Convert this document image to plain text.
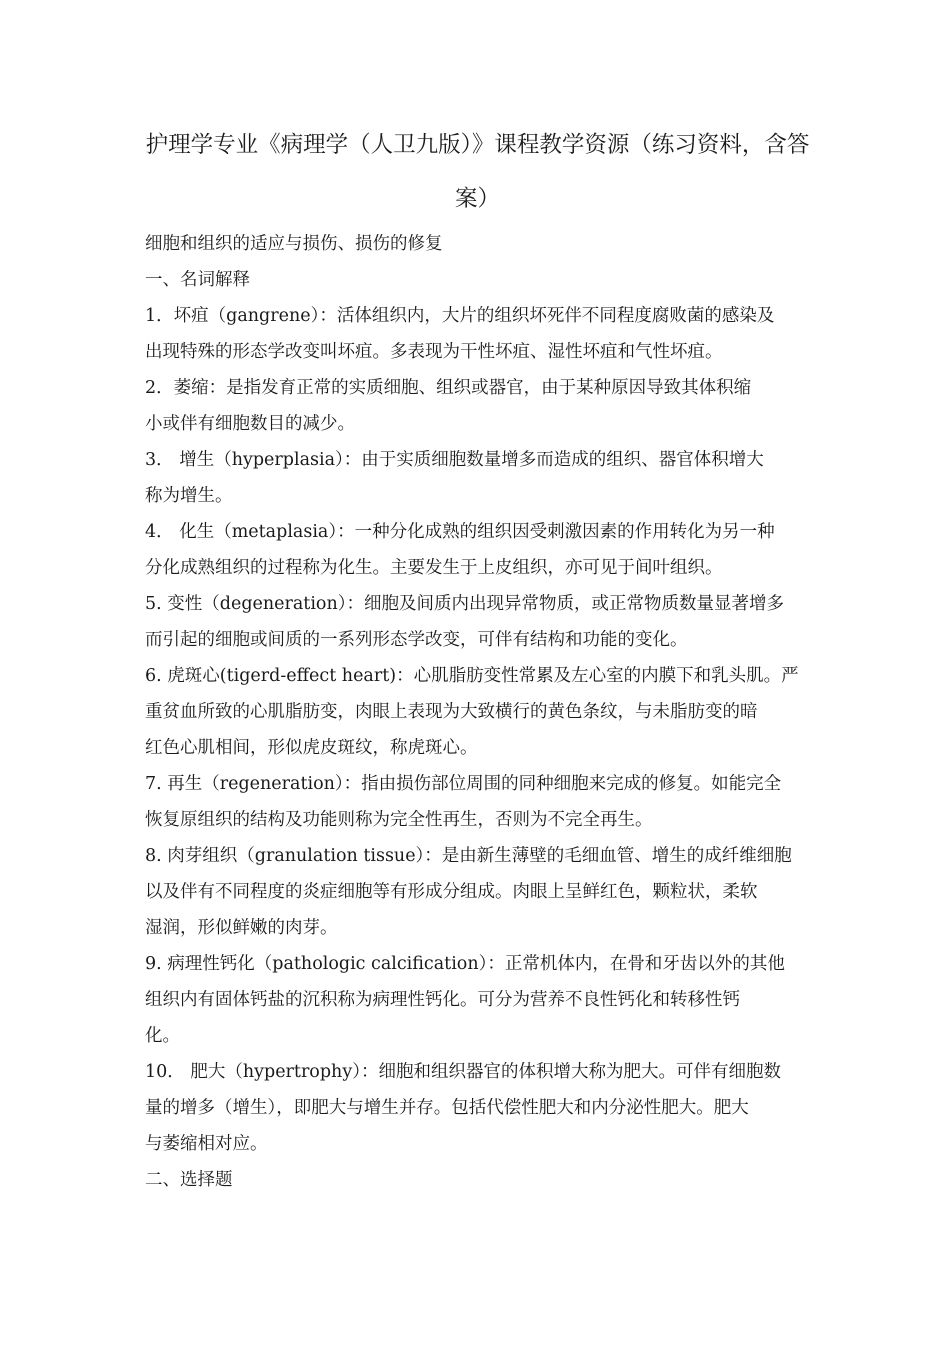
护理学专业《病理学（人卫九版）》课程教学资源（练习资料，含答
案）

细胞和组织的适应与损伤、损伤的修复

一、名词解释

1．坏疽（gangrene）：活体组织内，大片的组织坏死伴不同程度腐败菌的感染及
出现特殊的形态学改变叫坏疽。多表现为干性坏疽、湿性坏疽和气性坏疽。

2．萎缩：是指发育正常的实质细胞、组织或器官，由于某种原因导致其体积缩
小或伴有细胞数目的减少。

3． 增生（hyperplasia）：由于实质细胞数量增多而造成的组织、器官体积增大
称为增生。

4． 化生（metaplasia）：一种分化成熟的组织因受刺激因素的作用转化为另一种
分化成熟组织的过程称为化生。主要发生于上皮组织，亦可见于间叶组织。

5. 变性（degeneration）：细胞及间质内出现异常物质，或正常物质数量显著增多
而引起的细胞或间质的一系列形态学改变，可伴有结构和功能的变化。

6. 虎斑心(tigerd-effect heart)：心肌脂肪变性常累及左心室的内膜下和乳头肌。严
重贫血所致的心肌脂肪变，肉眼上表现为大致横行的黄色条纹，与未脂肪变的暗
红色心肌相间，形似虎皮斑纹，称虎斑心。

7. 再生（regeneration）：指由损伤部位周围的同种细胞来完成的修复。如能完全
恢复原组织的结构及功能则称为完全性再生，否则为不完全再生。

8. 肉芽组织（granulation tissue）：是由新生薄壁的毛细血管、增生的成纤维细胞
以及伴有不同程度的炎症细胞等有形成分组成。肉眼上呈鲜红色，颗粒状，柔软
湿润，形似鲜嫩的肉芽。

9. 病理性钙化（pathologic calcification）：正常机体内，在骨和牙齿以外的其他
组织内有固体钙盐的沉积称为病理性钙化。可分为营养不良性钙化和转移性钙
化。

10． 肥大（hypertrophy）：细胞和组织器官的体积增大称为肥大。可伴有细胞数
量的增多（增生），即肥大与增生并存。包括代偿性肥大和内分泌性肥大。肥大
与萎缩相对应。

二、选择题
